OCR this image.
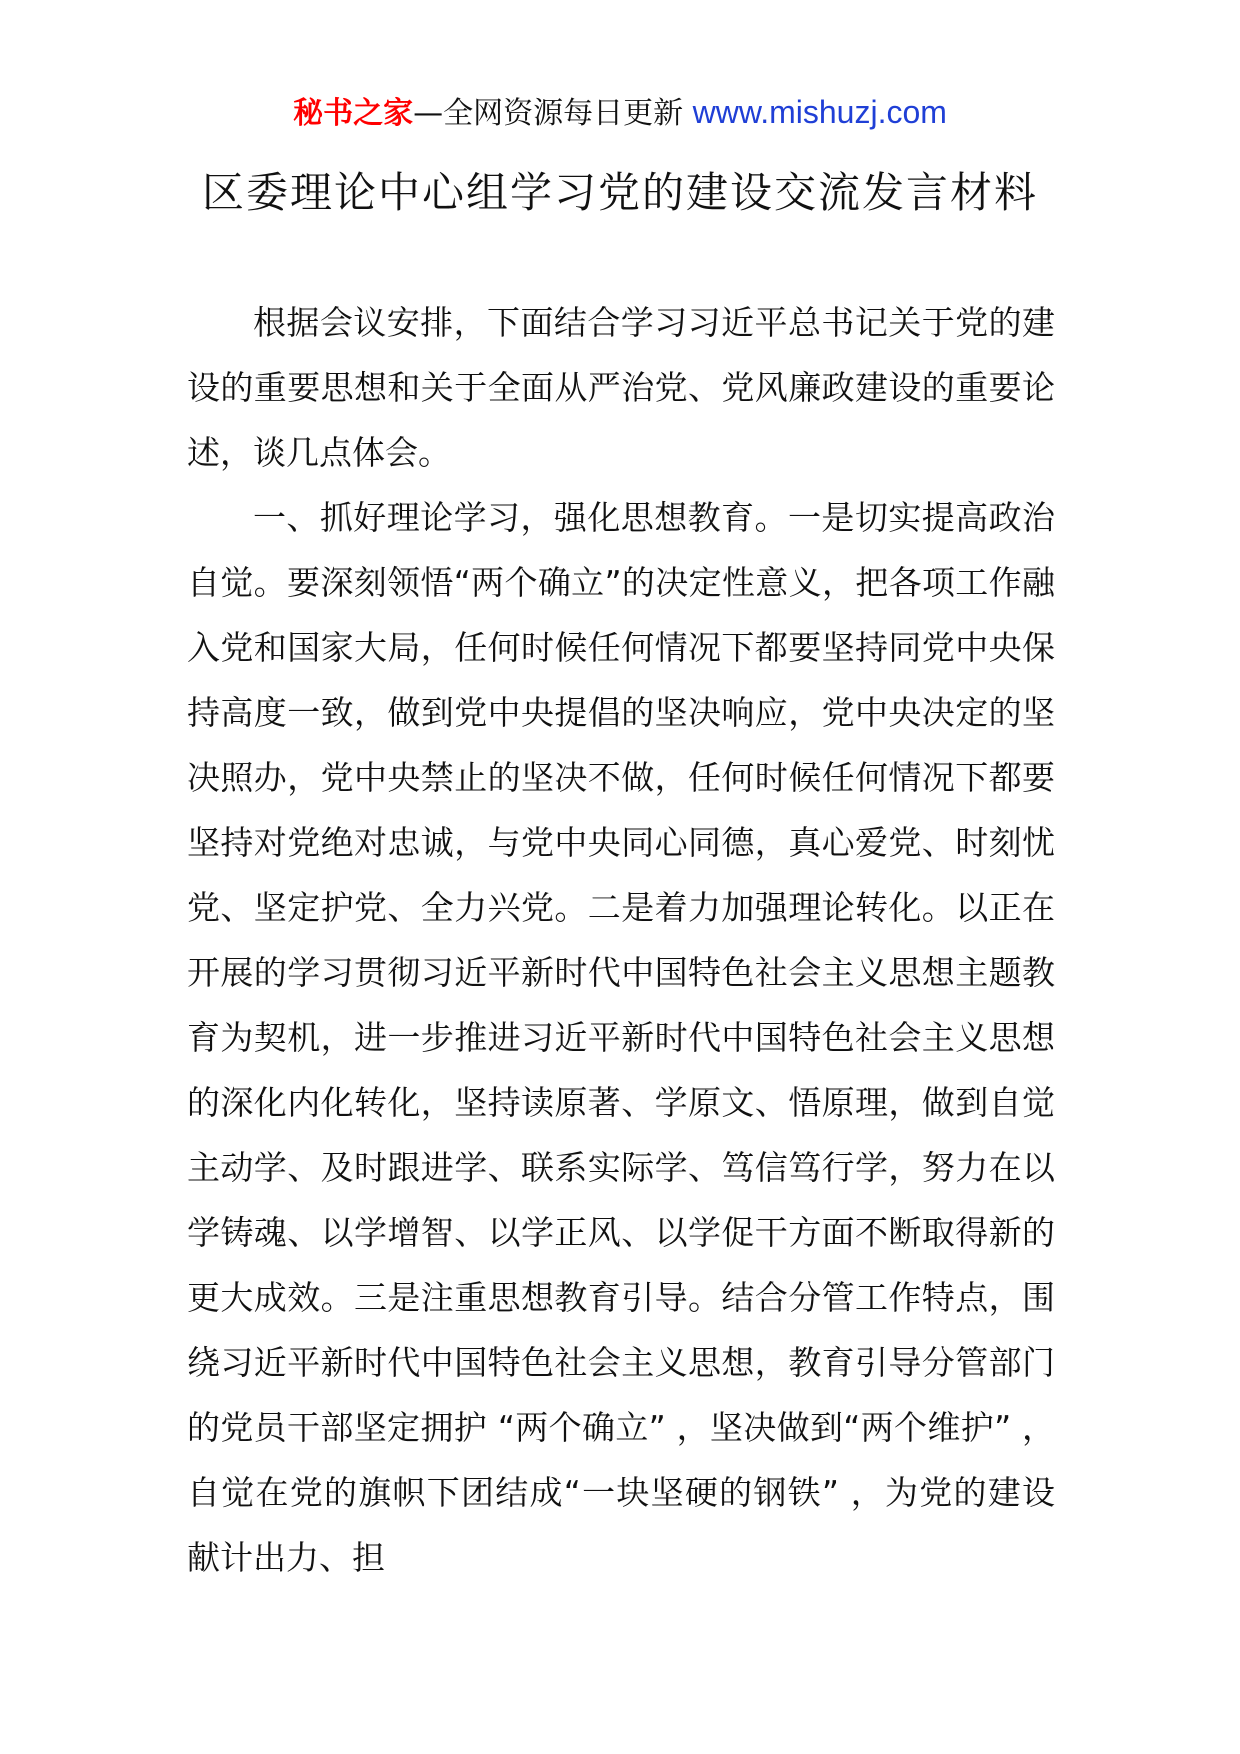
秘书之家—全网资源每日更新 www.mishuzj.com
区委理论中心组学习党的建设交流发言材料

根据会议安排，下面结合学习习近平总书记关于党的建设的重要思想和关于全面从严治党、党风廉政建设的重要论述，谈几点体会。

一、抓好理论学习，强化思想教育。一是切实提高政治自觉。要深刻领悟“两个确立”的决定性意义，把各项工作融入党和国家大局，任何时候任何情况下都要坚持同党中央保持高度一致，做到党中央提倡的坚决响应，党中央决定的坚决照办，党中央禁止的坚决不做，任何时候任何情况下都要坚持对党绝对忠诚，与党中央同心同德，真心爱党、时刻忧党、坚定护党、全力兴党。二是着力加强理论转化。以正在开展的学习贯彻习近平新时代中国特色社会主义思想主题教育为契机，进一步推进习近平新时代中国特色社会主义思想的深化内化转化，坚持读原著、学原文、悟原理，做到自觉主动学、及时跟进学、联系实际学、笃信笃行学，努力在以学铸魂、以学增智、以学正风、以学促干方面不断取得新的更大成效。三是注重思想教育引导。结合分管工作特点，围绕习近平新时代中国特色社会主义思想，教育引导分管部门的党员干部坚定拥护 “两个确立” ，坚决做到“两个维护” ，自觉在党的旗帜下团结成“一块坚硬的钢铁” ，为党的建设献计出力、担
